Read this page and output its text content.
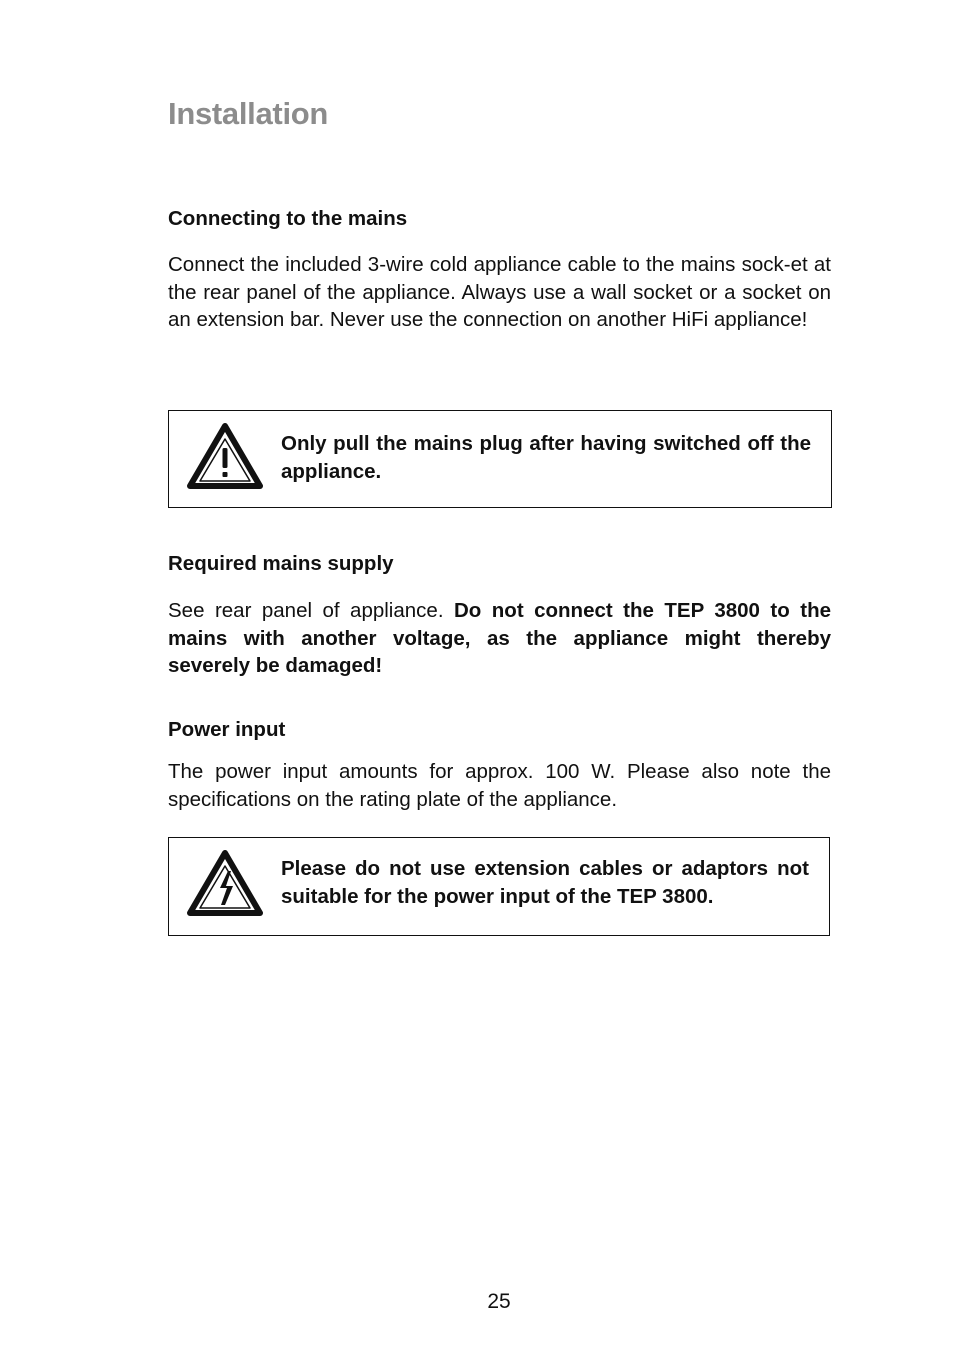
Installation
Connecting to the mains

Connect the included 3-wire cold appliance cable to the mains sock-et at the rear panel of the appliance. Always use a wall socket or a socket on an extension bar. Never use the connection on another HiFi appliance!

Only pull the mains plug after having switched off the appliance.

Required mains supply

See rear panel of appliance. Do not connect the TEP 3800 to the mains with another voltage, as the appliance might thereby severely be damaged!

Power input

The power input amounts for approx. 100 W. Please also note the specifications on the rating plate of the appliance.

Please do not use extension cables or adaptors not suitable for the power input of the TEP 3800.

25
